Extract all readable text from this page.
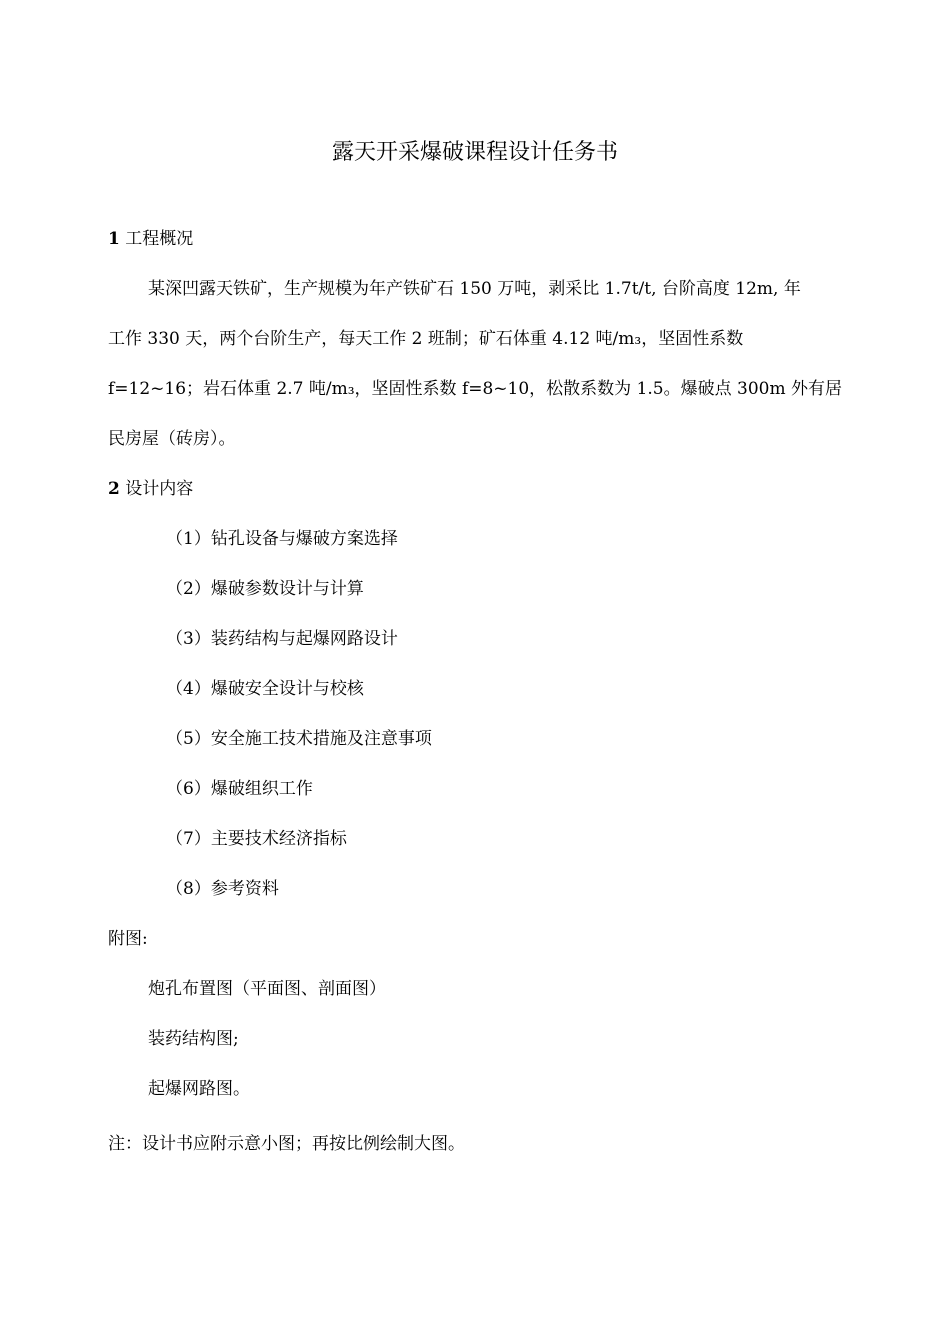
露天开采爆破课程设计任务书
1 工程概况
某深凹露天铁矿，生产规模为年产铁矿石 150 万吨，剥采比 1.7t/t, 台阶高度 12m, 年
工作 330 天，两个台阶生产，每天工作 2 班制；矿石体重 4.12 吨/m₃，坚固性系数
f=12~16；岩石体重 2.7 吨/m₃，坚固性系数 f=8~10，松散系数为 1.5。爆破点 300m 外有居
民房屋（砖房）。
2 设计内容
（1）钻孔设备与爆破方案选择
（2）爆破参数设计与计算
（3）装药结构与起爆网路设计
（4）爆破安全设计与校核
（5）安全施工技术措施及注意事项
（6）爆破组织工作
（7）主要技术经济指标
（8）参考资料
附图:
炮孔布置图（平面图、剖面图）
装药结构图;
起爆网路图。
注：设计书应附示意小图；再按比例绘制大图。
